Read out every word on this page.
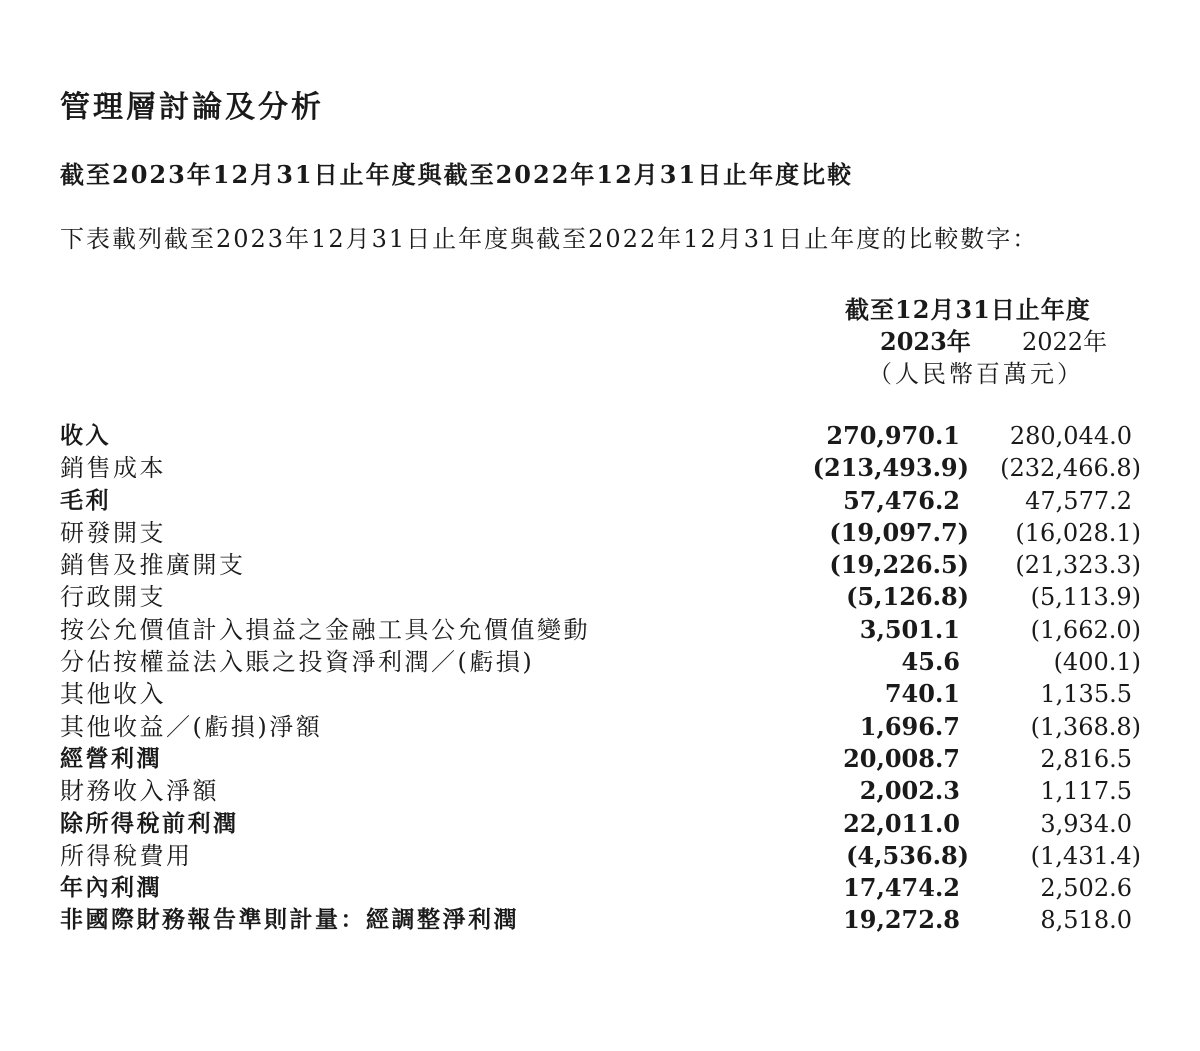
管理層討論及分析
截至2023年12月31日止年度與截至2022年12月31日止年度比較
下表載列截至2023年12月31日止年度與截至2022年12月31日止年度的比較數字：
截至12月31日止年度
2023年 2022年
（人民幣百萬元）
收入	270,970.1 280,044.0
銷售成本	(213,493.9) (232,466.8)
毛利	57,476.2	47,577.2
研發開支	(19,097.7) (16,028.1)
銷售及推廣開支	(19,226.5) (21,323.3)
行政開支	(5,126.8)	(5,113.9)
按公允價值計入損益之金融工具公允價值變動	3,501.1	(1,662.0)
分佔按權益法入賬之投資淨利潤／(虧損)	45.6	(400.1)
其他收入	740.1	1,135.5
其他收益／(虧損)淨額	1,696.7	(1,368.8)
經營利潤	20,008.7	2,816.5
財務收入淨額	2,002.3	1,117.5
除所得稅前利潤	22,011.0	3,934.0
所得稅費用	(4,536.8)	(1,431.4)
年內利潤	17,474.2	2,502.6
非國際財務報告準則計量：經調整淨利潤	19,272.8	8,518.0
